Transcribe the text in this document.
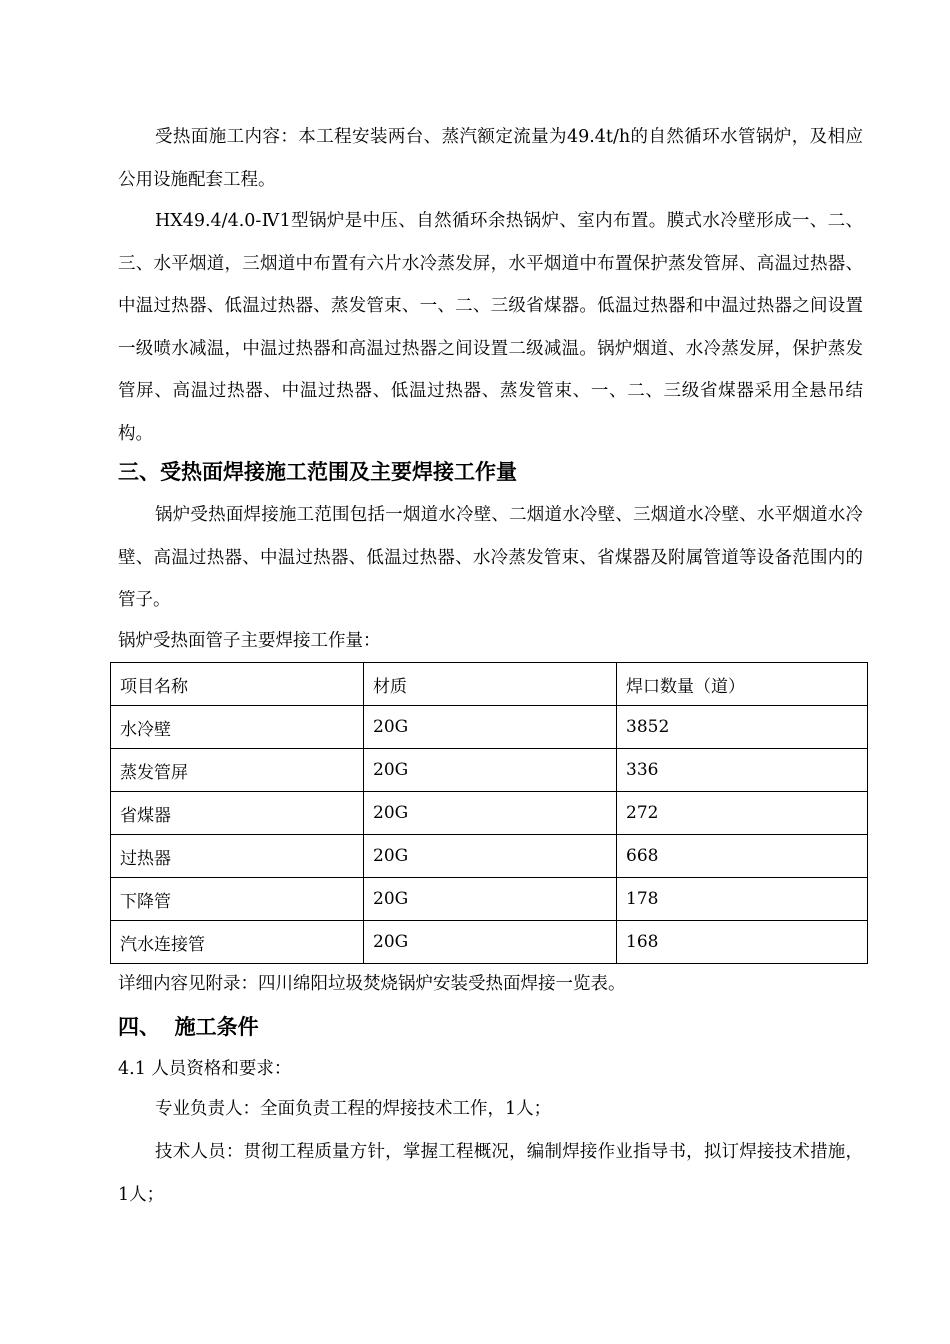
受热面施工内容：本工程安装两台、蒸汽额定流量为49.4t/h的自然循环水管锅炉，及相应公用设施配套工程。

HX49.4/4.0-Ⅳ1型锅炉是中压、自然循环余热锅炉、室内布置。膜式水冷壁形成一、二、三、水平烟道，三烟道中布置有六片水冷蒸发屏，水平烟道中布置保护蒸发管屏、高温过热器、中温过热器、低温过热器、蒸发管束、一、二、三级省煤器。低温过热器和中温过热器之间设置一级喷水减温，中温过热器和高温过热器之间设置二级减温。锅炉烟道、水冷蒸发屏，保护蒸发管屏、高温过热器、中温过热器、低温过热器、蒸发管束、一、二、三级省煤器采用全悬吊结构。

三、受热面焊接施工范围及主要焊接工作量

锅炉受热面焊接施工范围包括一烟道水冷壁、二烟道水冷壁、三烟道水冷壁、水平烟道水冷壁、高温过热器、中温过热器、低温过热器、水冷蒸发管束、省煤器及附属管道等设备范围内的管子。

锅炉受热面管子主要焊接工作量：

项目名称	材质	焊口数量（道）
水冷壁	20G	3852
蒸发管屏	20G	336
省煤器	20G	272
过热器	20G	668
下降管	20G	178
汽水连接管	20G	168

详细内容见附录：四川绵阳垃圾焚烧锅炉安装受热面焊接一览表。

四、  施工条件

4.1 人员资格和要求：

专业负责人：全面负责工程的焊接技术工作，1人；

技术人员：贯彻工程质量方针，掌握工程概况，编制焊接作业指导书，拟订焊接技术措施，1人；
